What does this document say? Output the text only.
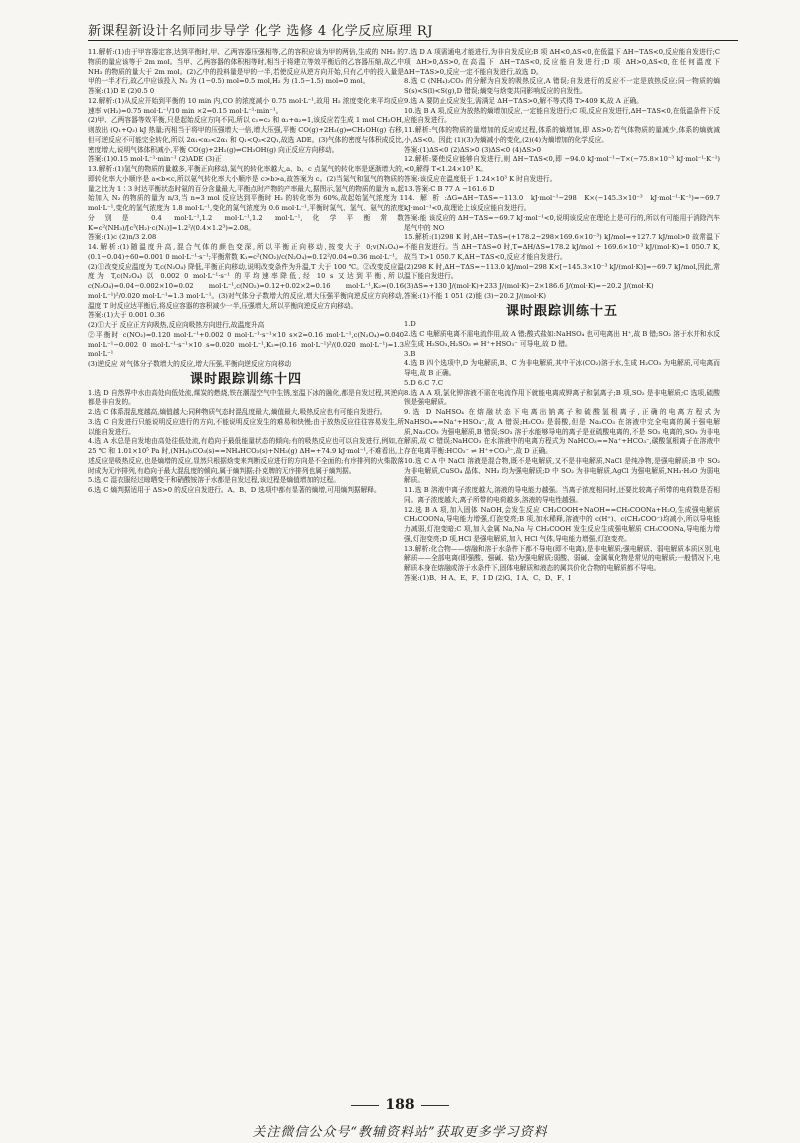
新课程新设计名师同步导学 化学 选修 4 化学反应原理 RJ

11.解析:(1)由于甲容器定容,达到平衡时,甲、乙两容器压强相等,乙的容积应该为甲的两倍,生成的 NH₃ 的物质的量应该等于 2m mol。当甲、乙两容器的体积相等时,相当于将建立等效平衡后的乙容器压缩,故乙中 NH₃ 的物质的量大于 2m mol。(2)乙中的投料量是甲的一半,若使反应从逆方向开始,只有乙中的投入量是甲的一半才行,故乙中应该投入 N₂ 为 (1−0.5) mol=0.5 mol,H₂ 为 (1.5−1.5) mol=0 mol。

答案:(1)D E (2)0.5 0

12.解析:(1)从反应开始到平衡的 10 min 内,CO 的浓度减小 0.75 mol·L⁻¹,故用 H₂ 浓度变化来平均反应速率 v(H₂)=0.75 mol·L⁻¹/10 min ×2=0.15 mol·L⁻¹·min⁻¹。

(2)甲、乙两容器等效平衡,只是起始反应方向不同,所以 c₁=c₂ 和 α₁+α₂=1,该反应若生成 1 mol CH₃OH,则放出 (Q₁+Q₂) kJ 热量;丙相当于将甲的压强增大一倍,增大压强,平衡 CO(g)+2H₂(g)⇌CH₃OH(g) 右移,但可逆反应不可能完全转化,所以 2α₁<α₃<2α₁ 和 Q₁<Q₃<2Q₁,故选 ADE。(3)气体的密度与体积成反比,密度增大,说明气体体积减小,平衡 CO(g)+2H₂(g)⇌CH₃OH(g) 向正反应方向移动。

答案:(1)0.15 mol·L⁻¹·min⁻¹ (2)ADE (3)正

13.解析:(1)氢气的物质的量越多,平衡正向移动,氮气的转化率越大,a、b、c 点氮气的转化率是逐渐增大的,即转化率大小顺序是 a<b<c,所以氨气转化率大小顺序是 c>b>a,故答案为 c。(2)当氮气和氢气的物质的量之比为 1∶3 时达平衡状态时氨的百分含量最大,平衡点时产物的产率最大,据图示,氢气的物质的量为 n,起始加入 N₂ 的物质的量为 n/3,当 n=3 mol 反应达到平衡时 H₂ 的转化率为 60%,故起始氢气浓度为 1 mol·L⁻¹,变化的氢气浓度为 1.8 mol·L⁻¹,变化的氮气浓度为 0.6 mol·L⁻¹,平衡时氮气、氢气、氨气的浓度分别是 0.4 mol·L⁻¹,1.2 mol·L⁻¹,1.2 mol·L⁻¹,化学平衡常数 K=c²(NH₃)/[c³(H₂)·c(N₂)]=1.2²/(0.4×1.2³)=2.08。

答案:(1)c (2)n/3 2.08

14.解析:(1)随温度升高,混合气体的颜色变深,所以平衡正向移动,按变大于 0;v(N₂O₄)=(0.1−0.04)÷60=0.001 0 mol·L⁻¹·s⁻¹;平衡常数 K₁=c²(NO₂)/c(N₂O₄)=0.12²/0.04=0.36 mol·L⁻¹。

(2)①改变反应温度为 T,c(N₂O₄) 降低,平衡正向移动,说明改变条件为升温,T 大于 100 ℃。②改变反应温度为 T,c(N₂O₄) 以 0.002 0 mol·L⁻¹·s⁻¹ 的平均速率降低,经 10 s 又达到平衡,所以 c(N₂O₄)=0.04−0.002×10=0.02 mol·L⁻¹,c(NO₂)=0.12+0.02×2=0.16 mol·L⁻¹,K₂=(0.16 mol·L⁻¹)²/0.020 mol·L⁻¹=1.3 mol·L⁻¹。(3)对气体分子数增大的反应,增大压强平衡向逆反应方向移动,温度 T 时反应达平衡后,将反应容器的容积减少一半,压强增大,所以平衡向逆反应方向移动。

答案:(1)大于 0.001 0.36

(2)①大于 反应正方向吸热,反应向吸热方向进行,故温度升高

②平衡时 c(NO₂)=0.120 mol·L⁻¹+0.002 0 mol·L⁻¹·s⁻¹×10 s×2=0.16 mol·L⁻¹,c(N₂O₄)=0.040 mol·L⁻¹−0.002 0 mol·L⁻¹·s⁻¹×10 s=0.020 mol·L⁻¹,K₂=(0.16 mol·L⁻¹)²/(0.020 mol·L⁻¹)=1.3 mol·L⁻¹

(3)逆反应 对气体分子数增大的反应,增大压强,平衡向逆反应方向移动

课时跟踪训练十四

1.选 D 自然界中水由高处向低处流,煤炭的燃烧,铁在潮湿空气中生锈,室温下冰的融化,都是自发过程,其逆向都是非自发的。

2.选 C 体系混乱度越高,熵值越大;同种物质气态时混乱度最大,熵值最大,吸热反应也有可能自发进行。

3.选 C 自发进行只能说明反应进行的方向,不能说明反应发生的难易和快慢;由于放热反应往往容易发生,所以能自发进行。

4.选 A 水总是自发地由高处往低处流,有趋向于最低能量状态的倾向;有的吸热反应也可以自发进行,例如,在 25 ℃ 和 1.01×10⁵ Pa 时,(NH₄)₂CO₃(s)==NH₄HCO₃(s)+NH₃(g) ΔH=+74.9 kJ·mol⁻¹,不难看出,上述反应是吸热反应,也是熵增的反应,显然只根据焓变来判断反应进行的方向是不全面的;有序排列的火柴散落时成为无序排列,有趋向于最大混乱度的倾向,属于熵判据;扑克牌的无序排列也属于熵判据。

5.选 C 湿衣服经过晾晒变干和硝酸铵溶于水都是自发过程,该过程是熵值增加的过程。

6.选 C 熵判据适用于 ΔS>0 的反应自发进行。A、B、D 选项中都有显著的熵增,可用熵判据解释。

7.选 D A 项需通电才能进行,为非自发反应;B 项 ΔH<0,ΔS<0,在低温下 ΔH−TΔS<0,反应能自发进行;C 项 ΔH>0,ΔS>0,在高温下 ΔH−TΔS<0,反应能自发进行;D 项 ΔH>0,ΔS<0,在任何温度下 ΔH−TΔS>0,反应一定不能自发进行,故选 D。

8.选 C (NH₄)₂CO₃ 的分解为自发的吸热反应,A 错误;自发进行的反应不一定是放热反应;同一物质的熵 S(s)<S(l)<S(g),D 错误;熵变与焓变共同影响反应的自发性。

9.选 A 要防止反应发生,需满足 ΔH−TΔS>0,解不等式得 T>409 K,故 A 正确。

10.选 B A 项,反应为放热的熵增加反应,一定能自发进行;C 项,反应自发进行,ΔH−TΔS<0,在低温条件下反应能自发进行。

11.解析:气体的物质的量增加的反应或过程,体系的熵增加,即 ΔS>0;若气体物质的量减少,体系的熵就减小,ΔS<0。因此 (1)(3)为熵减小的变化,(2)(4)为熵增加的化学反应。

答案:(1)ΔS<0 (2)ΔS>0 (3)ΔS<0 (4)ΔS>0

12.解析:要使反应能够自发进行,则 ΔH−TΔS<0,即 −94.0 kJ·mol⁻¹−T×(−75.8×10⁻³ kJ·mol⁻¹·K⁻¹)<0,解得 T<1.24×10³ K。

答案:该反应在温度低于 1.24×10³ K 时自发进行。

13.答案:C B 77 A −161.6 D

14.解析:ΔG=ΔH−TΔS=−113.0 kJ·mol⁻¹−298 K×(−145.3×10⁻³ kJ·mol⁻¹·K⁻¹)=−69.7 kJ·mol⁻¹<0,故理论上该反应能自发进行。

答案:能 该反应的 ΔH−TΔS=−69.7 kJ·mol⁻¹<0,说明该反应在理论上是可行的,所以有可能用于消除汽车尾气中的 NO

15.解析:(1)298 K 时,ΔH−TΔS=(+178.2−298×169.6×10⁻³) kJ/mol=+127.7 kJ/mol>0 故常温下不能自发进行。当 ΔH−TΔS=0 时,T=ΔH/ΔS=178.2 kJ/mol ÷ 169.6×10⁻³ kJ/(mol·K)=1 050.7 K,故当 T>1 050.7 K,ΔH−TΔS<0,反应才能自发进行。

(2)298 K 时,ΔH−TΔS=−113.0 kJ/mol−298 K×[−145.3×10⁻³ kJ/(mol·K)]=−69.7 kJ/mol,因此,常温下能自发进行。

(3)ΔS=+130 J/(mol·K)+233 J/(mol·K)−2×186.6 J/(mol·K)=−20.2 J/(mol·K)

答案:(1)不能 1 051 (2)能 (3)−20.2 J/(mol·K)

课时跟踪训练十五

1.D

2.选 C 电解质电离不需电流作用,故 A 错;酸式盐如:NaHSO₄ 也可电离出 H⁺,故 B 错;SO₂ 溶于水并和水反应生成 H₂SO₃,H₂SO₃ ⇌ H⁺+HSO₃⁻ 可导电,故 D 错。

3.B

4.选 B 四个选项中,D 为电解质,B、C 为非电解质,其中干冰(CO₂)溶于水,生成 H₂CO₃ 为电解质,可电离而导电,故 B 正确。

5.D 6.C 7.C

8.选 A A 项,氯化钾溶液不需在电流作用下就能电离成钾离子和氯离子;B 项,SO₂ 是非电解质;C 选项,硫酸钡是强电解质。

9.选 D NaHSO₄ 在熔融状态下电离出钠离子和硫酸氢根离子,正确的电离方程式为 NaHSO₄==Na⁺+HSO₄⁻,故 A 错误;H₂CO₃ 是弱酸,但是 Na₂CO₃ 在溶液中完全电离的属于强电解质,Na₂CO₃ 为强电解质,B 错误;SO₃ 溶于水能够导电的离子是亚硫酸电离的,不是 SO₃ 电离的,SO₃ 为非电解质,故 C 错误;NaHCO₃ 在水溶液中的电离方程式为 NaHCO₃==Na⁺+HCO₃⁻,碳酸氢根离子在溶液中存在电离平衡:HCO₃⁻ ⇌ H⁺+CO₃²⁻,故 D 正确。

10.选 C A 中 NaCl 溶液是混合物,既不是电解质,又不是非电解质,NaCl 是纯净物,是强电解质;B 中 SO₂ 为非电解质,CuSO₄ 晶体、NH₃ 均为强电解质;D 中 SO₂ 为非电解质,AgCl 为强电解质,NH₃·H₂O 为弱电解质。

11.选 B 溶液中离子浓度越大,溶液的导电能力越强。当离子浓度相同时,还要比较离子所带的电荷数是否相同。离子浓度越大,离子所带的电荷越多,溶液的导电性越强。

12.选 B A 项,加入固体 NaOH,会发生反应 CH₃COOH+NaOH==CH₃COONa+H₂O,生成强电解质 CH₃COONa,导电能力增强,灯泡变亮;B 项,加水稀释,溶液中的 c(H⁺)、c(CH₃COO⁻)均减小,所以导电能力减弱,灯泡变暗;C 项,加入金属 Na,Na 与 CH₃COOH 发生反应生成强电解质 CH₃COONa,导电能力增强,灯泡变亮;D 项,HCl 是强电解质,加入 HCl 气体,导电能力增强,灯泡变亮。

13.解析:化合物——熔融和溶于水条件下都不导电(即不电离),是非电解质;强电解质、弱电解质本质区别,电解质——全部电离(即强酸、强碱、盐)为强电解质;弱酸、弱碱、金属氧化物是常见的电解质;一般情况下,电解质本身在熔融或溶于水条件下,固体电解质和液态的属共价化合物的电解质都不导电。

答案:(1)B、H A、E、F、I D (2)G、I A、C、D、F、I

188
关注微信公众号“教辅资料站”获取更多学习资料
